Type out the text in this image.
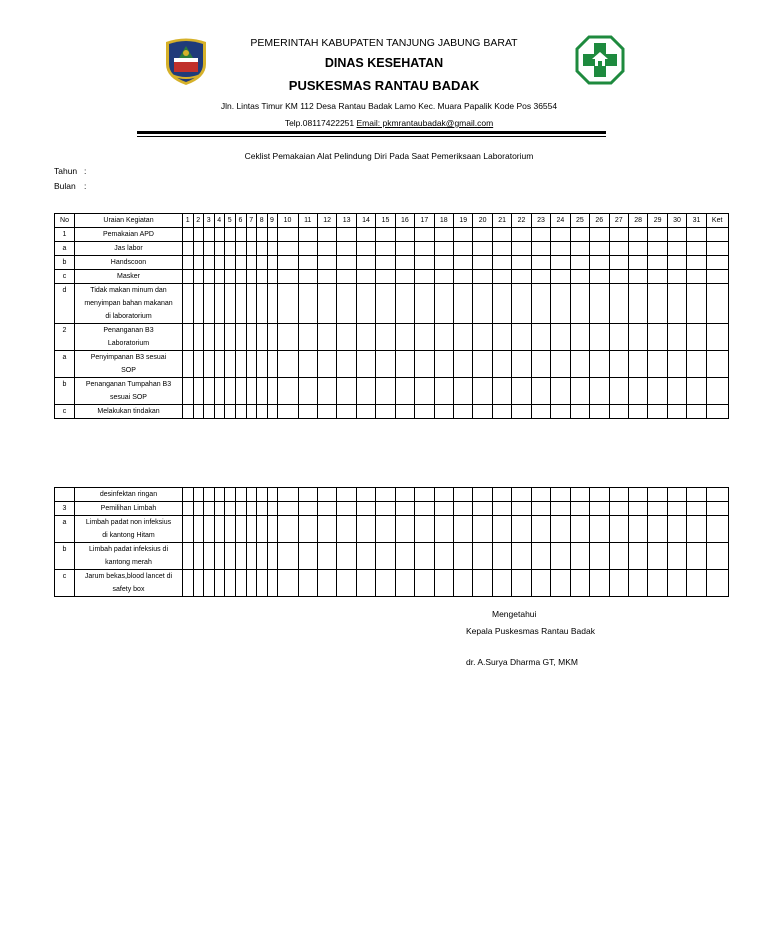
PEMERINTAH KABUPATEN TANJUNG JABUNG BARAT
DINAS KESEHATAN
PUSKESMAS RANTAU BADAK
Jln. Lintas Timur KM 112 Desa Rantau Badak Lamo Kec. Muara Papalik Kode Pos 36554
Telp.08117422251 Email: pkmrantaubadak@gmail.com
Ceklist Pemakaian Alat Pelindung Diri Pada Saat Pemeriksaan Laboratorium
Tahun :
Bulan :
No	Uraian Kegiatan	1	2	3	4	5	6	7	8	9	10	11	12	13	14	15	16	17	18	19	20	21	22	23	24	25	26	27	28	29	30	31	Ket
1	Pemakaian APD																																

a	Jas labor																																

b	Handscoon																																

c	Masker																																

d	Tidak makan minum dan
menyimpan bahan makanan
di laboratorium																																

2	Penanganan B3
Laboratorium																																

a	Penyimpanan B3 sesuai
SOP																																

b	Penanganan Tumpahan B3
sesuai SOP																																

c	Melakukan tindakan																																

	desinfektan ringan																																

3	Pemilihan Limbah																																

a	Limbah padat non infeksius
di kantong Hitam																																

b	Limbah padat infeksius di
kantong merah																																

c	Jarum bekas,blood lancet di
safety box																																

Mengetahui
Kepala Puskesmas Rantau Badak
dr. A.Surya Dharma GT, MKM
